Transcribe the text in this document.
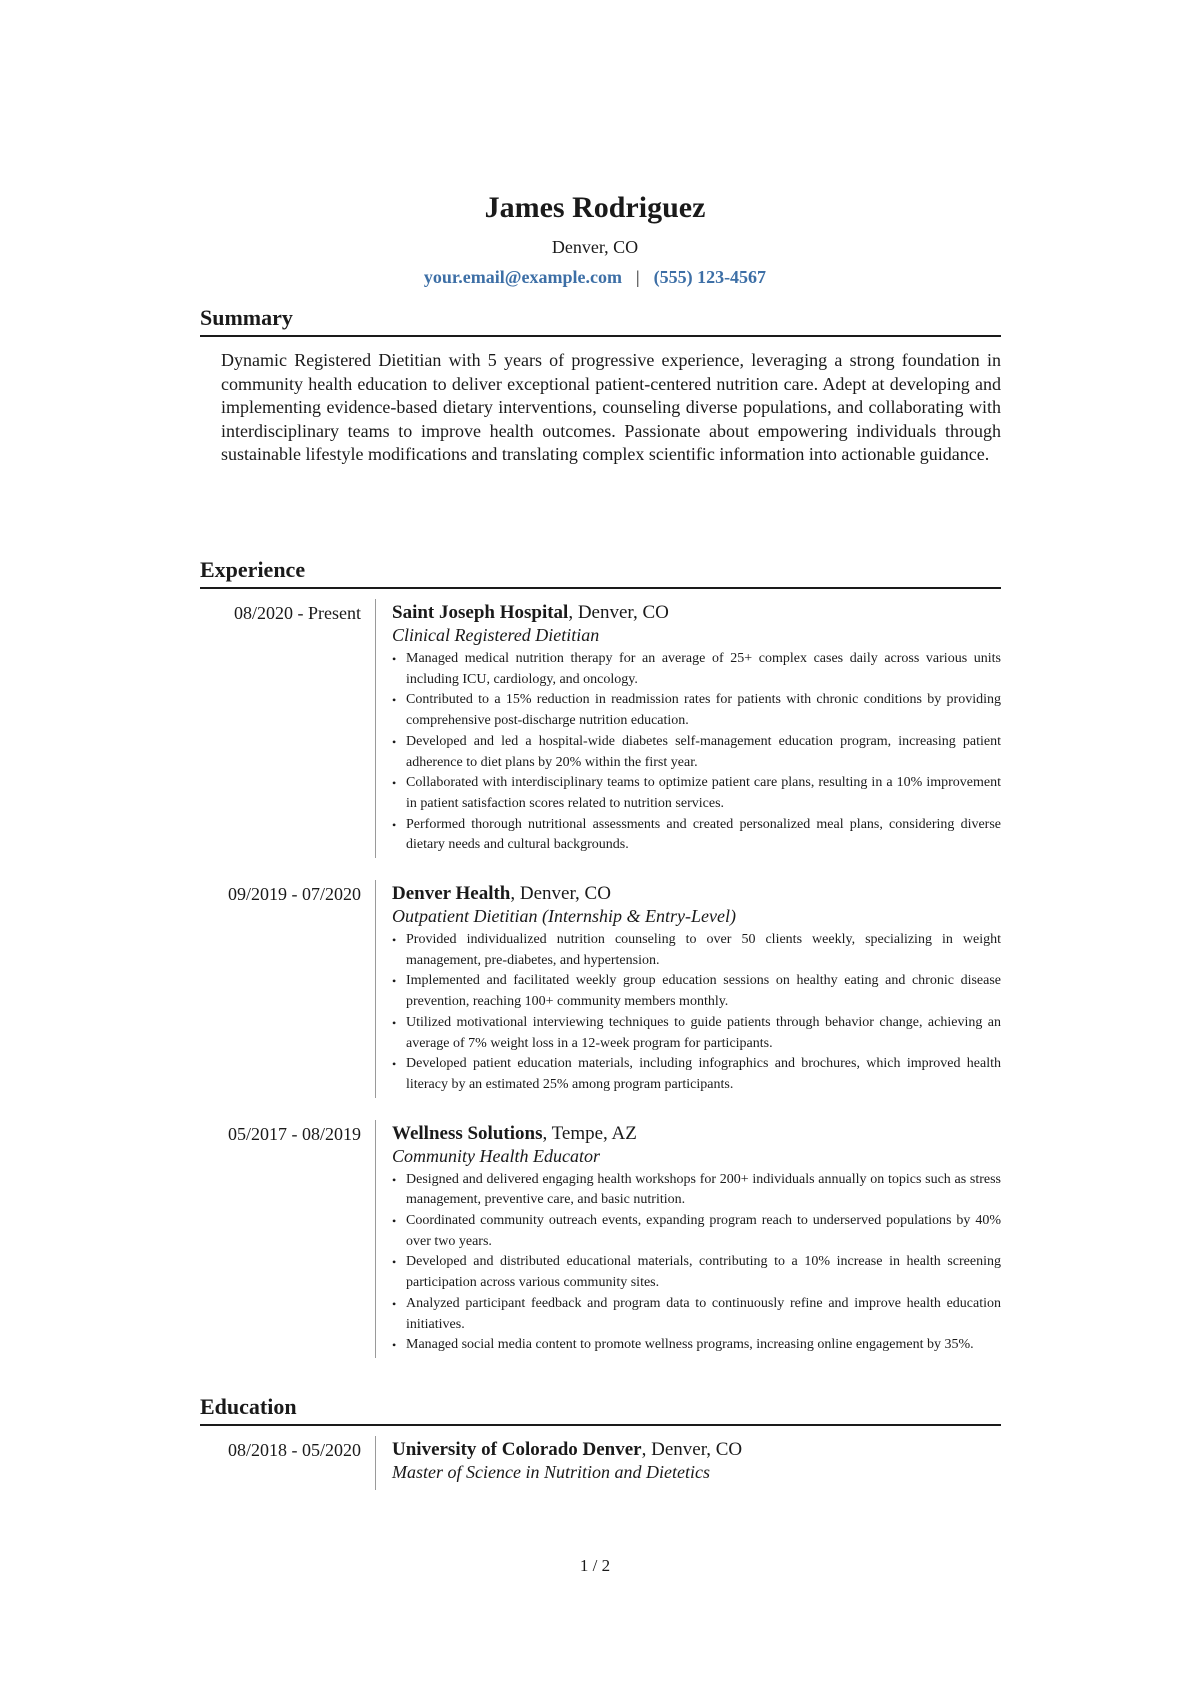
James Rodriguez
Denver, CO
your.email@example.com | (555) 123-4567
Summary

Dynamic Registered Dietitian with 5 years of progressive experience, leveraging a strong foundation in community health education to deliver exceptional patient-centered nutrition care. Adept at developing and implementing evidence-based dietary interventions, counseling diverse populations, and collaborating with interdisciplinary teams to improve health outcomes. Passionate about empowering individuals through sustainable lifestyle modifications and translating complex scientific information into actionable guidance.

Experience
08/2020 - Present	Saint Joseph Hospital, Denver, CO
Clinical Registered Dietitian
• Managed medical nutrition therapy for an average of 25+ complex cases daily across various units including ICU, cardiology, and oncology.
• Contributed to a 15% reduction in readmission rates for patients with chronic conditions by providing comprehensive post-discharge nutrition education.
• Developed and led a hospital-wide diabetes self-management education program, increasing patient adherence to diet plans by 20% within the first year.
• Collaborated with interdisciplinary teams to optimize patient care plans, resulting in a 10% improvement in patient satisfaction scores related to nutrition services.
• Performed thorough nutritional assessments and created personalized meal plans, considering diverse dietary needs and cultural backgrounds.
09/2019 - 07/2020	Denver Health, Denver, CO
Outpatient Dietitian (Internship & Entry-Level)
• Provided individualized nutrition counseling to over 50 clients weekly, specializing in weight management, pre-diabetes, and hypertension.
• Implemented and facilitated weekly group education sessions on healthy eating and chronic disease prevention, reaching 100+ community members monthly.
• Utilized motivational interviewing techniques to guide patients through behavior change, achieving an average of 7% weight loss in a 12-week program for participants.
• Developed patient education materials, including infographics and brochures, which improved health literacy by an estimated 25% among program participants.
05/2017 - 08/2019	Wellness Solutions, Tempe, AZ
Community Health Educator
• Designed and delivered engaging health workshops for 200+ individuals annually on topics such as stress management, preventive care, and basic nutrition.
• Coordinated community outreach events, expanding program reach to underserved populations by 40% over two years.
• Developed and distributed educational materials, contributing to a 10% increase in health screening participation across various community sites.
• Analyzed participant feedback and program data to continuously refine and improve health education initiatives.
• Managed social media content to promote wellness programs, increasing online engagement by 35%.
Education
08/2018 - 05/2020	University of Colorado Denver, Denver, CO
Master of Science in Nutrition and Dietetics
1 / 2
